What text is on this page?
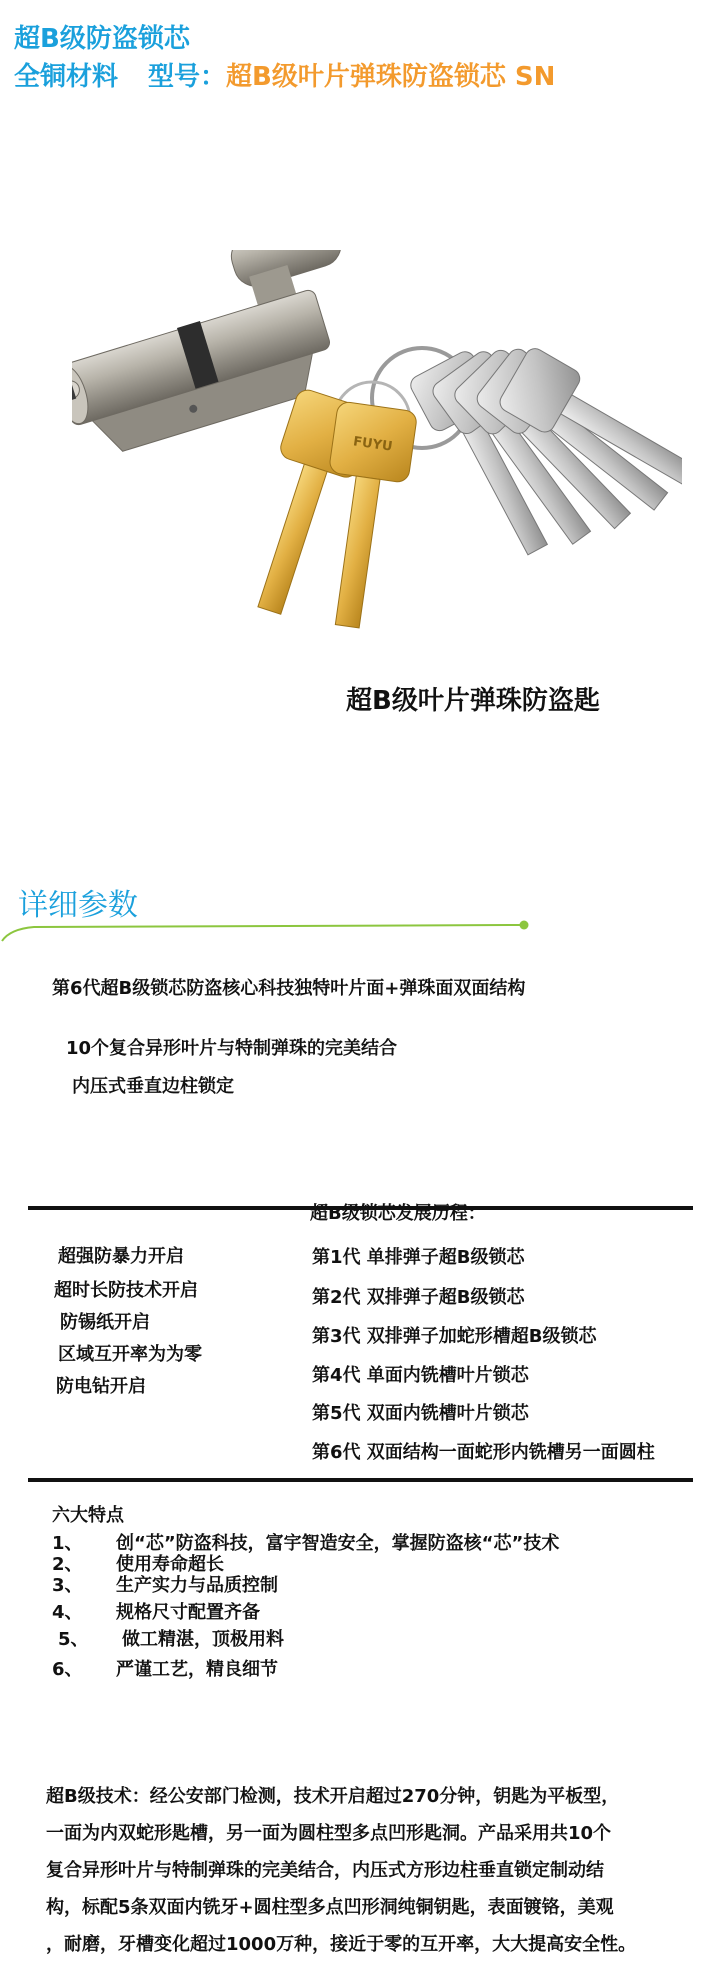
超B级防盗锁芯
全铜材料 型号：超B级叶片弹珠防盗锁芯 SN
FUYU
超B级叶片弹珠防盗匙
详细参数
第6代超B级锁芯防盗核心科技独特叶片面+弹珠面双面结构
10个复合异形叶片与特制弹珠的完美结合
内压式垂直边柱锁定
超B级锁芯发展历程：
超强防暴力开启
超时长防技术开启
防锡纸开启
区域互开率为为零
防电钻开启
第1代 单排弹子超B级锁芯
第2代 双排弹子超B级锁芯
第3代 双排弹子加蛇形槽超B级锁芯
第4代 单面内铣槽叶片锁芯
第5代 双面内铣槽叶片锁芯
第6代 双面结构一面蛇形内铣槽另一面圆柱
六大特点
1、 创“芯”防盗科技，富宇智造安全，掌握防盗核“芯”技术
2、 使用寿命超长
3、 生产实力与品质控制
4、 规格尺寸配置齐备
5、 做工精湛，顶极用料
6、 严谨工艺，精良细节
超B级技术：经公安部门检测，技术开启超过270分钟，钥匙为平板型，
一面为内双蛇形匙槽，另一面为圆柱型多点凹形匙洞。产品采用共10个
复合异形叶片与特制弹珠的完美结合，内压式方形边柱垂直锁定制动结
构，标配5条双面内铣牙+圆柱型多点凹形洞纯铜钥匙，表面镀铬，美观
，耐磨，牙槽变化超过1000万种，接近于零的互开率，大大提高安全性。
